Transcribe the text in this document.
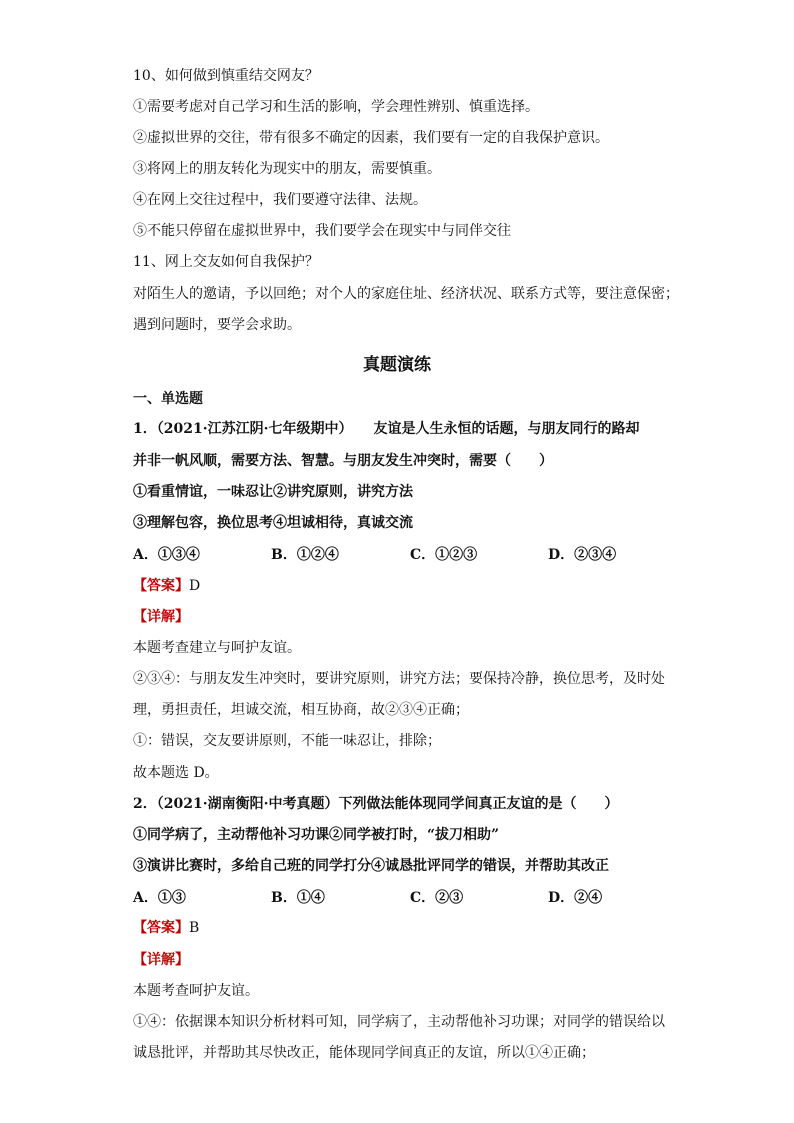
10、如何做到慎重结交网友？
①需要考虑对自己学习和生活的影响，学会理性辨别、慎重选择。
②虚拟世界的交往，带有很多不确定的因素，我们要有一定的自我保护意识。
③将网上的朋友转化为现实中的朋友，需要慎重。
④在网上交往过程中，我们要遵守法律、法规。
⑤不能只停留在虚拟世界中，我们要学会在现实中与同伴交往
11、网上交友如何自我保护？
对陌生人的邀请，予以回绝；对个人的家庭住址、经济状况、联系方式等，要注意保密；
遇到问题时，要学会求助。
真题演练
一、单选题
1．（2021·江苏江阴·七年级期中）　　友谊是人生永恒的话题，与朋友同行的路却
并非一帆风顺，需要方法、智慧。与朋友发生冲突时，需要（　　）
①看重情谊，一味忍让②讲究原则，讲究方法
③理解包容，换位思考④坦诚相待，真诚交流
A．①③④	B．①②④	C．①②③	D．②③④
【答案】D
【详解】
本题考查建立与呵护友谊。
②③④：与朋友发生冲突时，要讲究原则，讲究方法；要保持冷静，换位思考，及时处
理，勇担责任，坦诚交流，相互协商，故②③④正确；
①：错误，交友要讲原则，不能一味忍让，排除；
故本题选 D。
2．（2021·湖南衡阳·中考真题）下列做法能体现同学间真正友谊的是（　　）
①同学病了，主动帮他补习功课②同学被打时，“拔刀相助”
③演讲比赛时，多给自己班的同学打分④诚恳批评同学的错误，并帮助其改正
A．①③	B．①④	C．②③	D．②④
【答案】B
【详解】
本题考查呵护友谊。
①④：依据课本知识分析材料可知，同学病了，主动帮他补习功课；对同学的错误给以
诚恳批评，并帮助其尽快改正，能体现同学间真正的友谊，所以①④正确；
